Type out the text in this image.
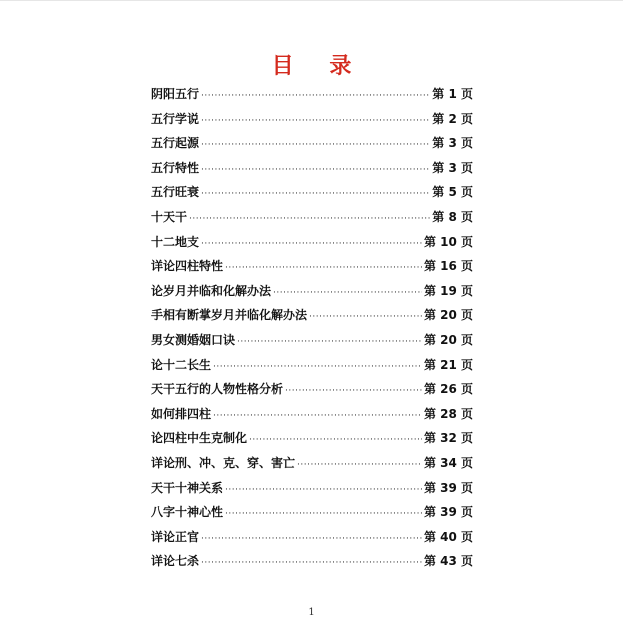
目 录
阴阳五行 ·····	第 1 页
五行学说 ·····	第 2 页
五行起源 ·····	第 3 页
五行特性 ·····	第 3 页
五行旺衰 ·····	第 5 页
十天干 ·····	第 8 页
十二地支 ·····	第 10 页
详论四柱特性 ·····	第 16 页
论岁月并临和化解办法 ·····	第 19 页
手相有断掌岁月并临化解办法 ·····	第 20 页
男女测婚姻口诀 ·····	第 20 页
论十二长生 ·····	第 21 页
天干五行的人物性格分析 ·····	第 26 页
如何排四柱 ·····	第 28 页
论四柱中生克制化 ·····	第 32 页
详论刑、冲、克、穿、害亡 ·····	第 34 页
天干十神关系 ·····	第 39 页
八字十神心性 ·····	第 39 页
详论正官 ·····	第 40 页
详论七杀 ·····	第 43 页
1
